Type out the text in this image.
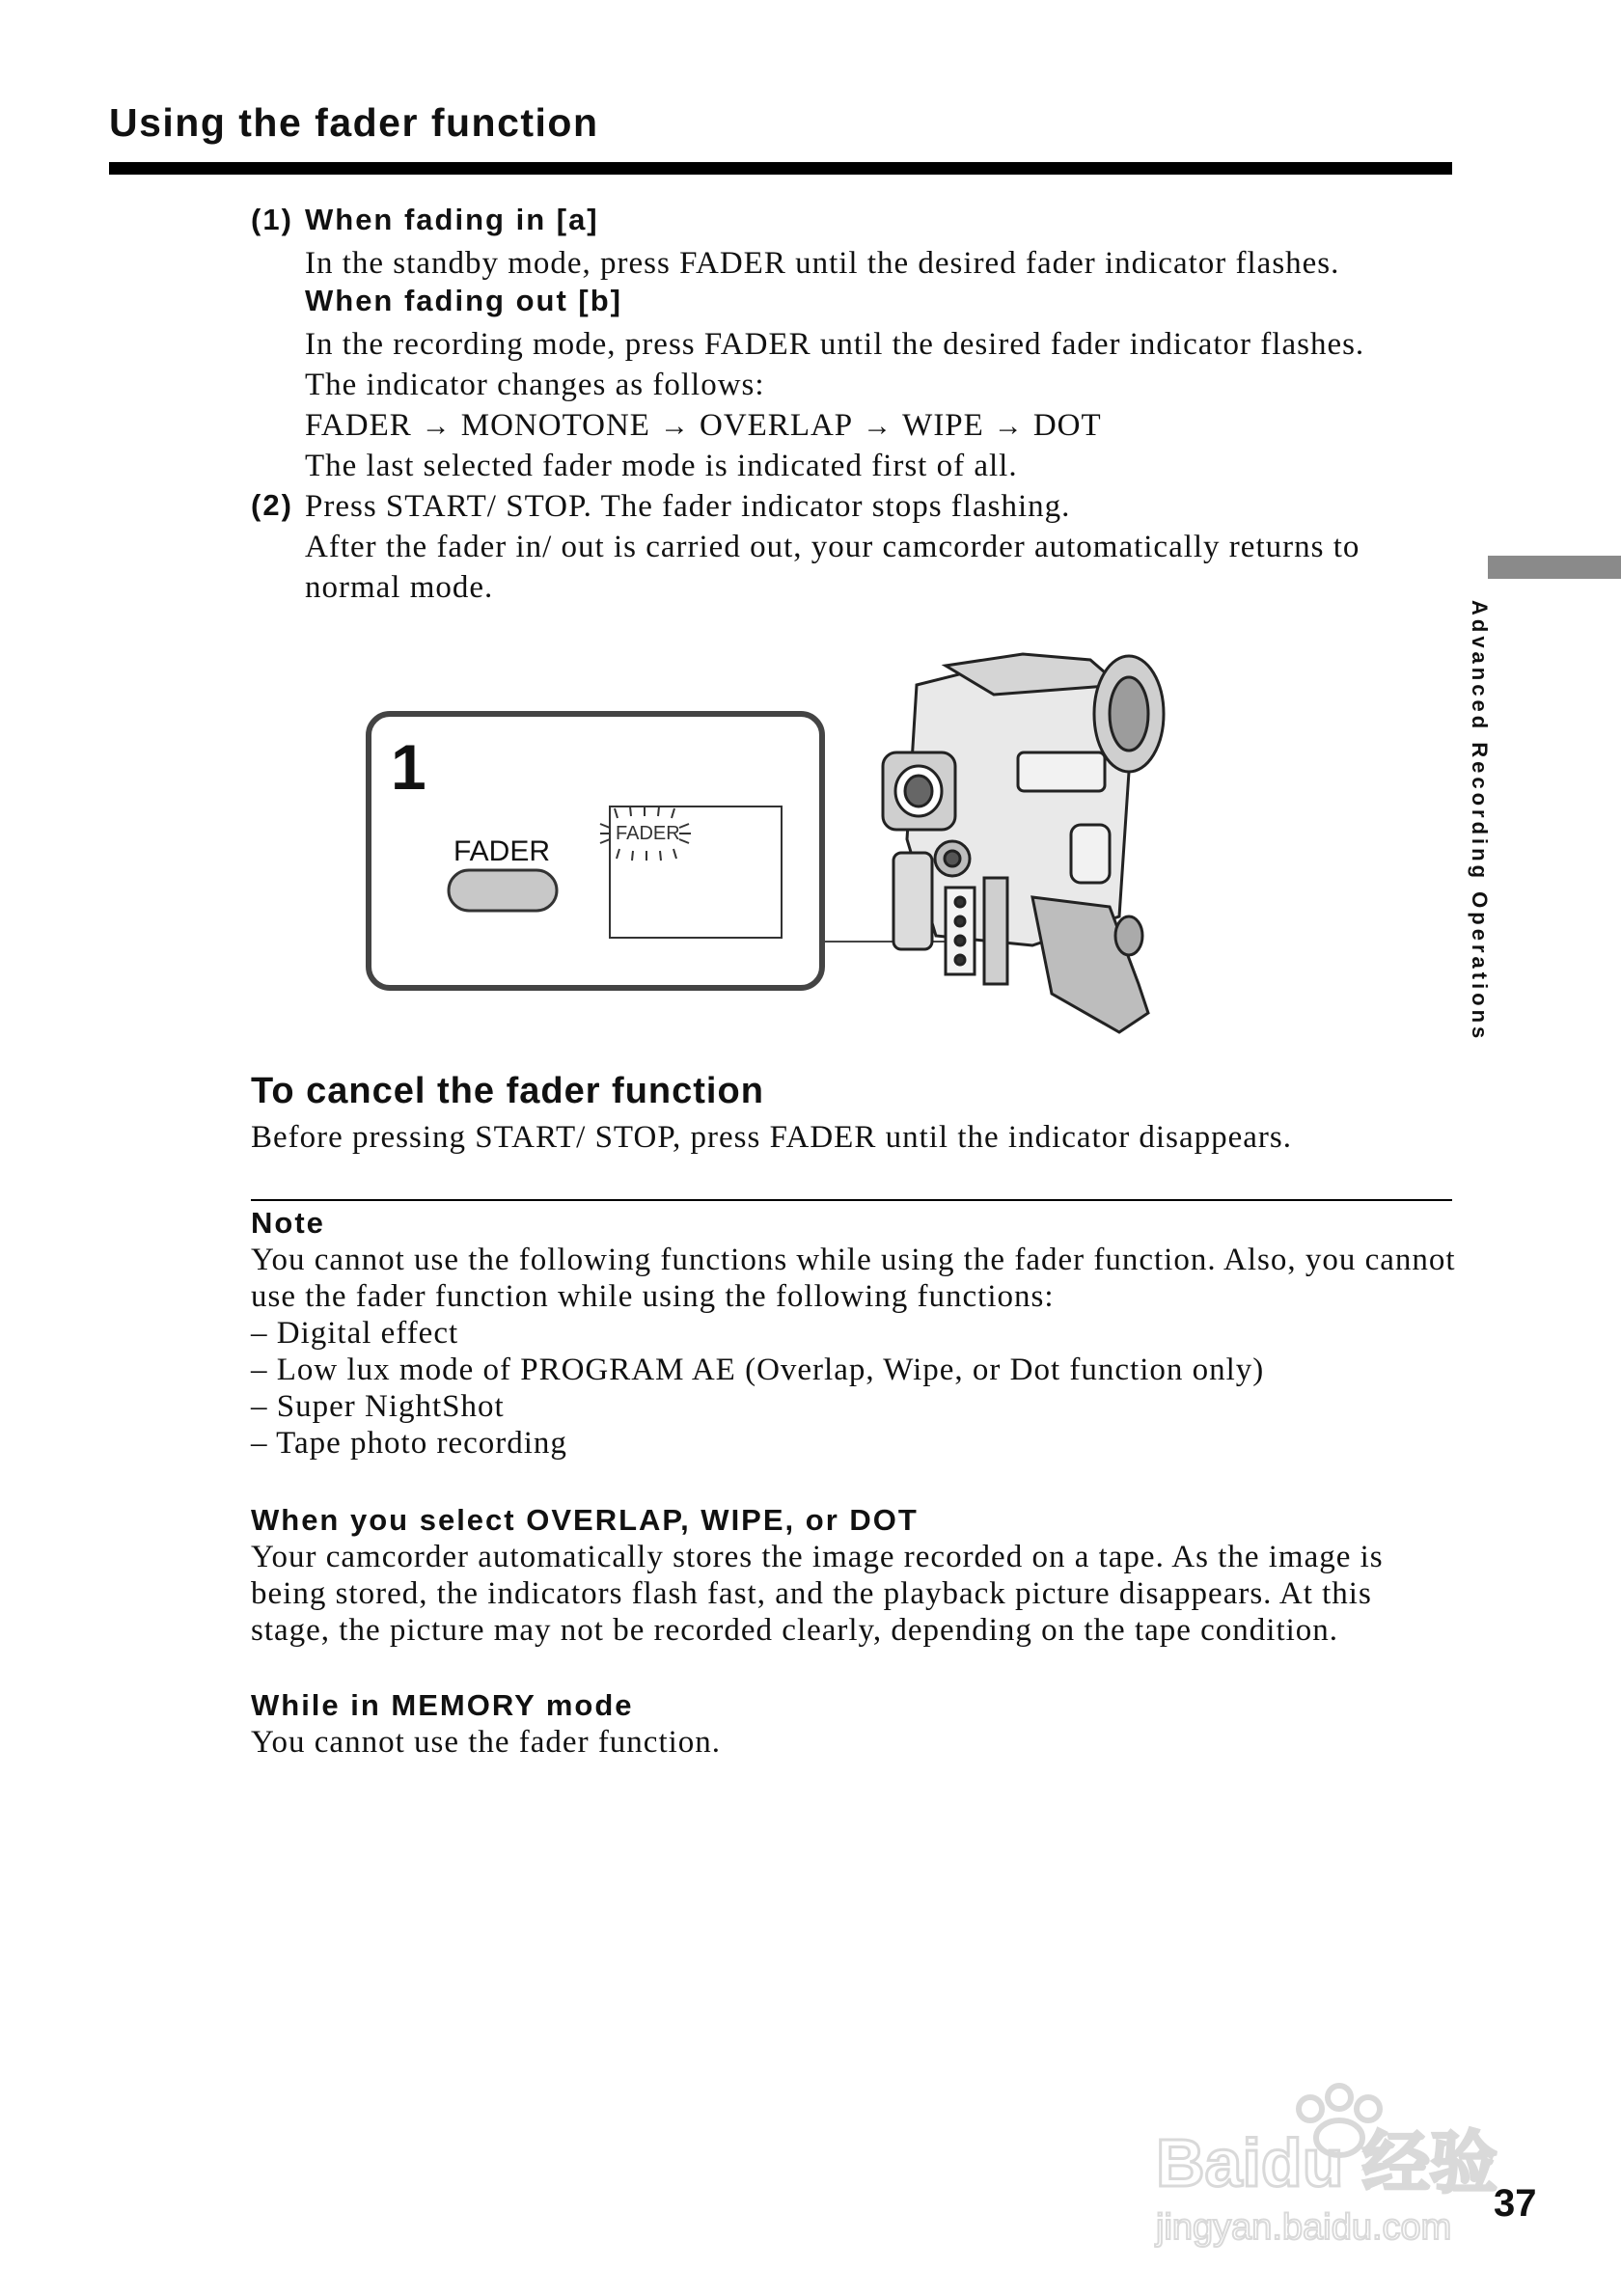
Using the fader function
Advanced Recording Operations
(1) When fading in [a]
In the standby mode, press FADER until the desired fader indicator flashes.
When fading out [b]
In the recording mode, press FADER until the desired fader indicator flashes.
The indicator changes as follows:
FADER → MONOTONE → OVERLAP → WIPE → DOT
The last selected fader mode is indicated first of all.
(2) Press START/ STOP. The fader indicator stops flashing.
After the fader in/ out is carried out, your camcorder automatically returns to
normal mode.
1
FADER
FADER
To cancel the fader function
Before pressing START/ STOP, press FADER until the indicator disappears.
Note
You cannot use the following functions while using the fader function. Also, you cannot
use the fader function while using the following functions:
– Digital effect
– Low lux mode of PROGRAM AE (Overlap, Wipe, or Dot function only)
– Super NightShot
– Tape photo recording
When you select OVERLAP, WIPE, or DOT
Your camcorder automatically stores the image recorded on a tape. As the image is
being stored, the indicators flash fast, and the playback picture disappears. At this
stage, the picture may not be recorded clearly, depending on the tape condition.
While in MEMORY mode
You cannot use the fader function.
Baidu 经验
jingyan.baidu.com
37
